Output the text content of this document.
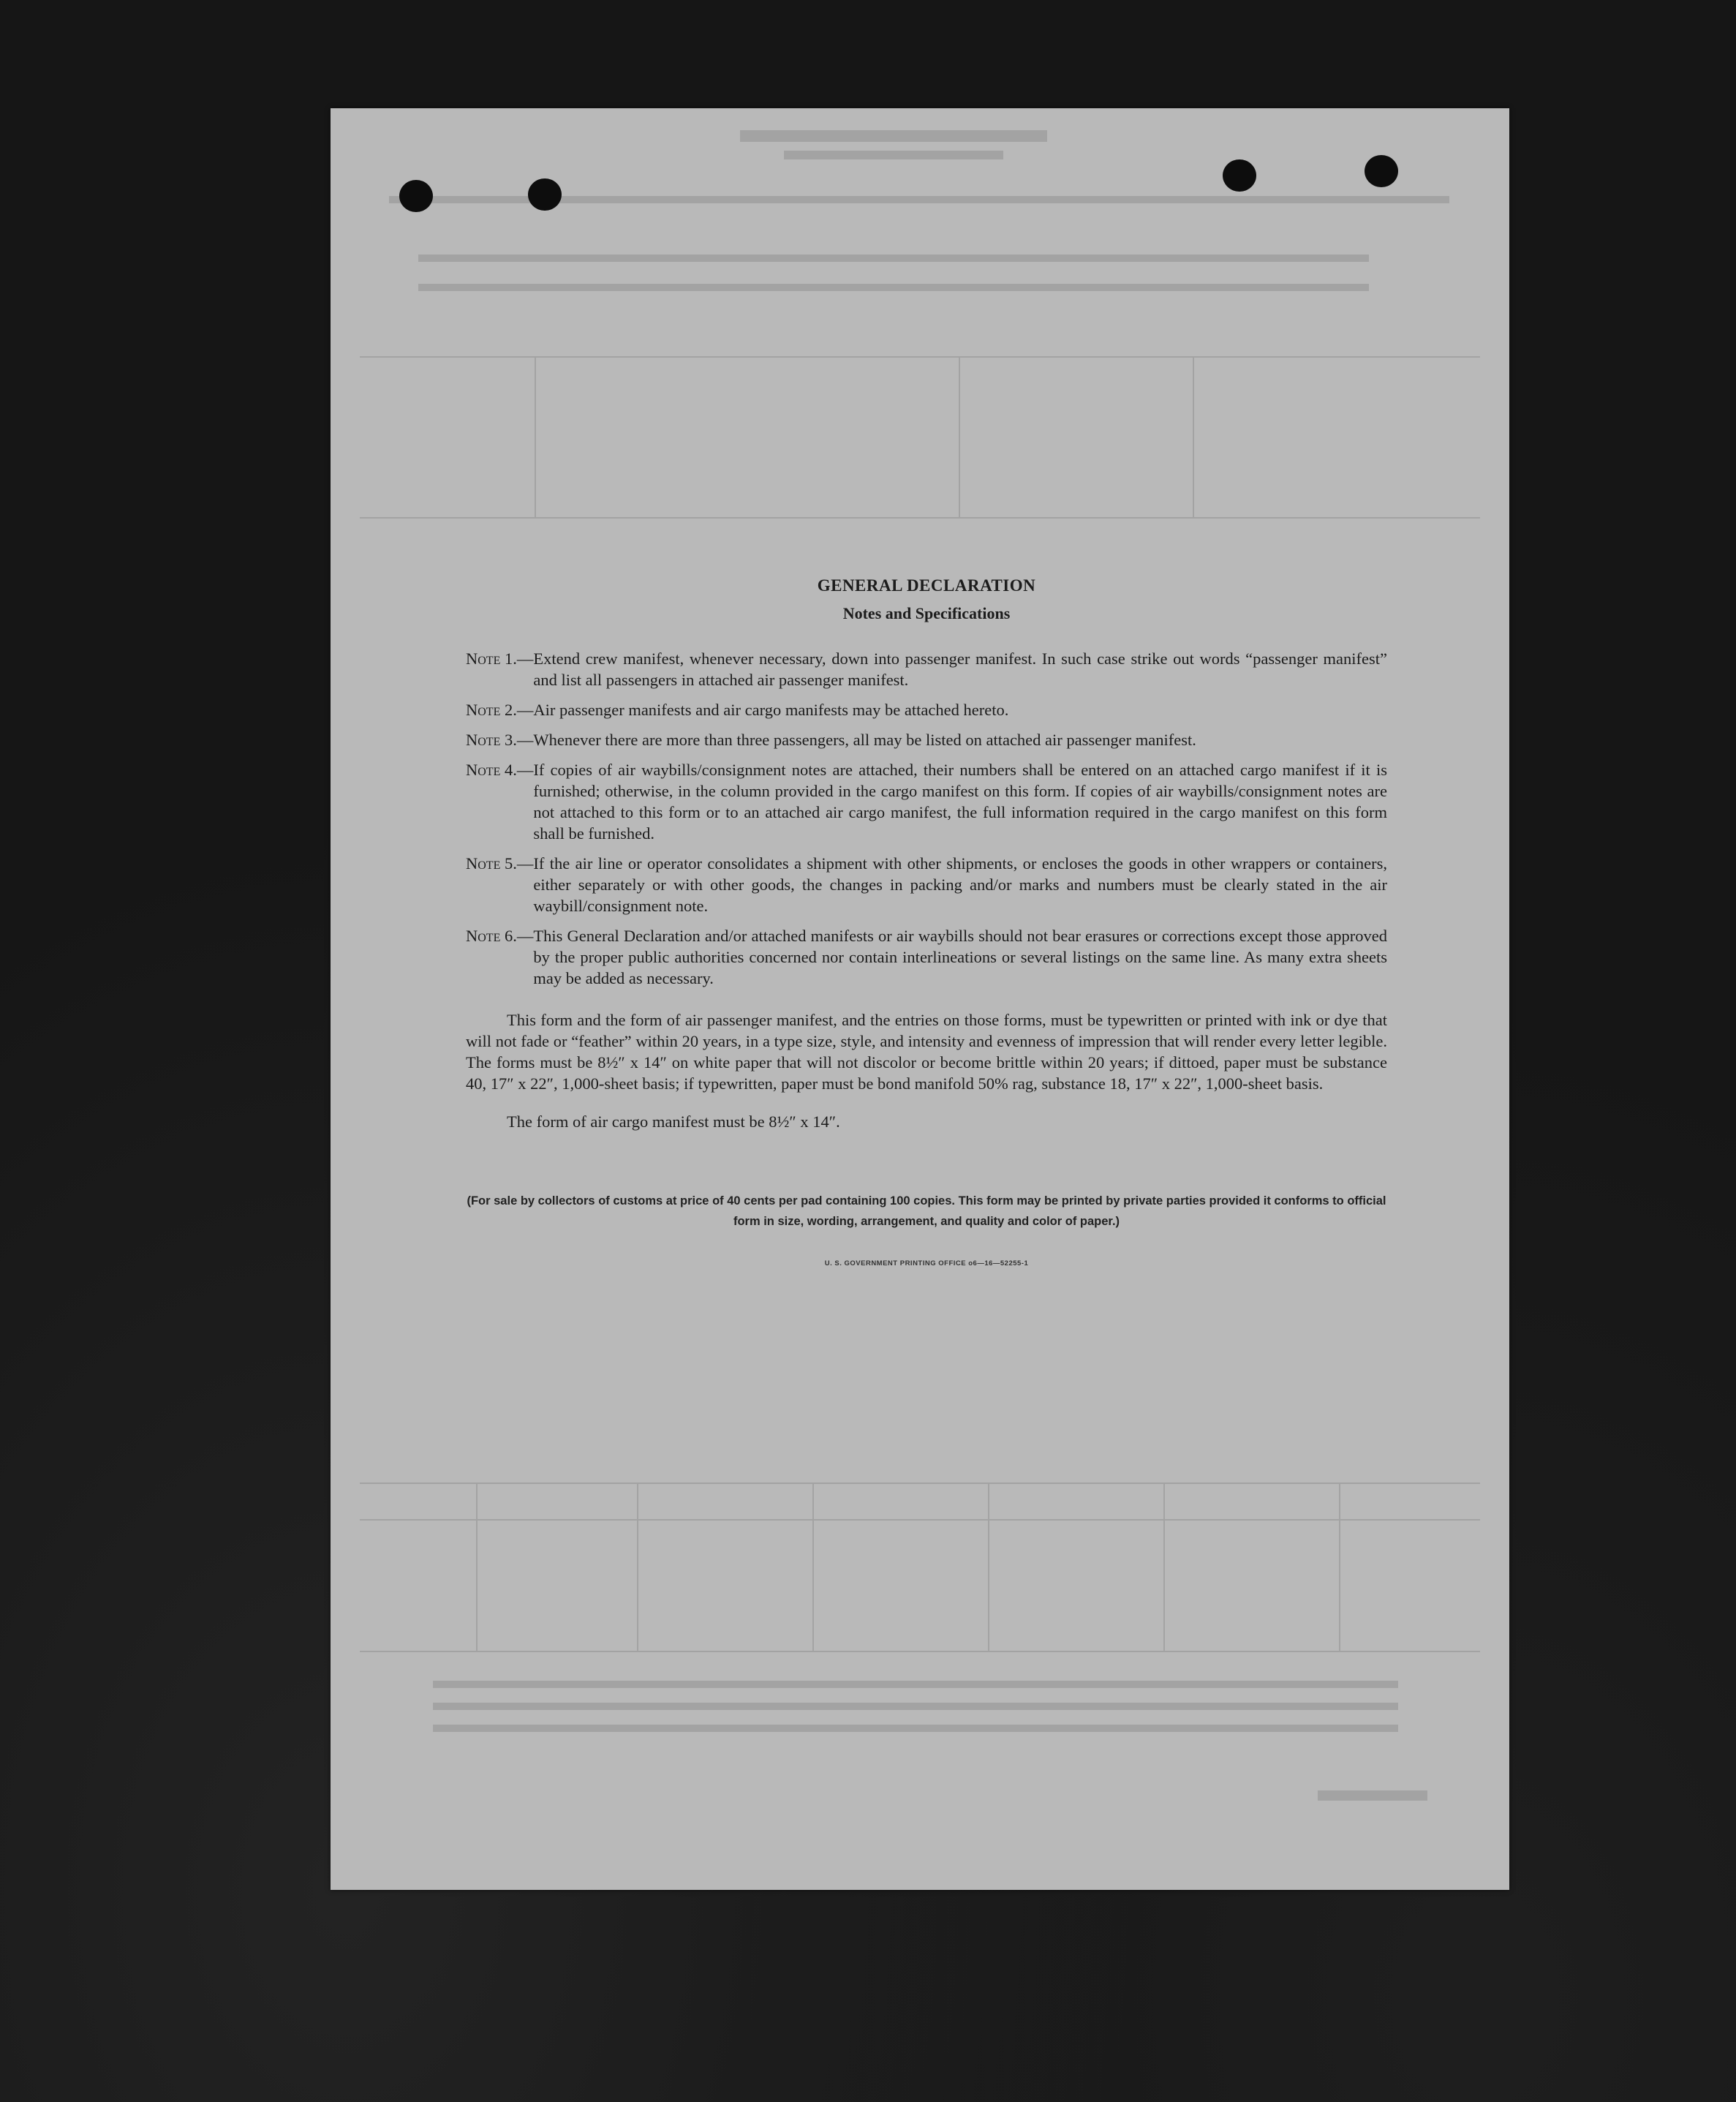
GENERAL DECLARATION

Notes and Specifications

Note 1. — Extend crew manifest, whenever necessary, down into passenger manifest. In such case strike out words “passenger manifest” and list all passengers in attached air passenger manifest.
Note 2. — Air passenger manifests and air cargo manifests may be attached hereto.
Note 3. — Whenever there are more than three passengers, all may be listed on attached air passenger manifest.
Note 4. — If copies of air waybills/consignment notes are attached, their numbers shall be entered on an attached cargo manifest if it is furnished; otherwise, in the column provided in the cargo manifest on this form. If copies of air waybills/consignment notes are not attached to this form or to an attached air cargo manifest, the full information required in the cargo manifest on this form shall be furnished.
Note 5. — If the air line or operator consolidates a shipment with other shipments, or encloses the goods in other wrappers or containers, either separately or with other goods, the changes in packing and/or marks and numbers must be clearly stated in the air waybill/consignment note.
Note 6. — This General Declaration and/or attached manifests or air waybills should not bear erasures or corrections except those approved by the proper public authorities concerned nor contain interlineations or several listings on the same line. As many extra sheets may be added as necessary.

This form and the form of air passenger manifest, and the entries on those forms, must be typewritten or printed with ink or dye that will not fade or “feather” within 20 years, in a type size, style, and intensity and evenness of impression that will render every letter legible. The forms must be 8½″ x 14″ on white paper that will not discolor or become brittle within 20 years; if dittoed, paper must be substance 40, 17″ x 22″, 1,000-sheet basis; if typewritten, paper must be bond manifold 50% rag, substance 18, 17″ x 22″, 1,000-sheet basis.

The form of air cargo manifest must be 8½″ x 14″.

(For sale by collectors of customs at price of 40 cents per pad containing 100 copies. This form may be printed by private parties provided it conforms to official form in size, wording, arrangement, and quality and color of paper.)

U. S. GOVERNMENT PRINTING OFFICE o6—16—52255-1
